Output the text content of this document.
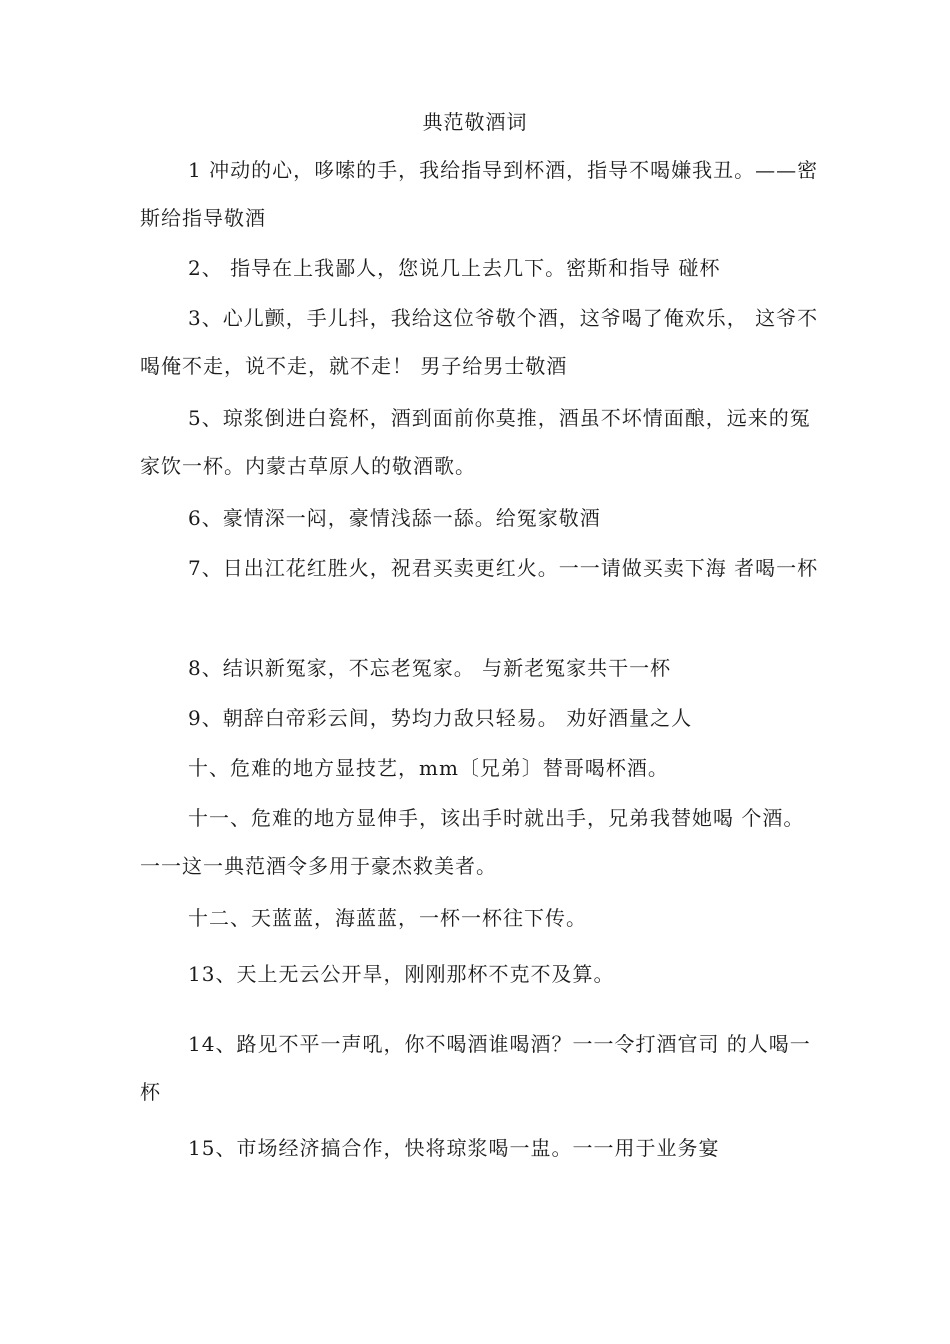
典范敬酒词
1 冲动的心，哆嗦的手，我给指导到杯酒，指导不喝嫌我丑。——密斯给指导敬酒
2、 指导在上我鄙人，您说几上去几下。密斯和指导 碰杯
3、心儿颤，手儿抖，我给这位爷敬个酒，这爷喝了俺欢乐， 这爷不喝俺不走，说不走，就不走！ 男子给男士敬酒
5、琼浆倒进白瓷杯，酒到面前你莫推，酒虽不坏情面酿，远来的冤家饮一杯。内蒙古草原人的敬酒歌。
6、豪情深一闷，豪情浅舔一舔。给冤家敬酒
7、日出江花红胜火，祝君买卖更红火。一一请做买卖下海 者喝一杯
8、结识新冤家，不忘老冤家。 与新老冤家共干一杯
9、朝辞白帝彩云间，势均力敌只轻易。 劝好酒量之人
十、危难的地方显技艺，mm〔兄弟〕替哥喝杯酒。
十一、危难的地方显伸手，该出手时就出手，兄弟我替她喝 个酒。一一这一典范酒令多用于豪杰救美者。
十二、天蓝蓝，海蓝蓝，一杯一杯往下传。
13、天上无云公开旱，刚刚那杯不克不及算。
14、路见不平一声吼，你不喝酒谁喝酒？一一令打酒官司 的人喝一杯
15、市场经济搞合作，快将琼浆喝一盅。一一用于业务宴
